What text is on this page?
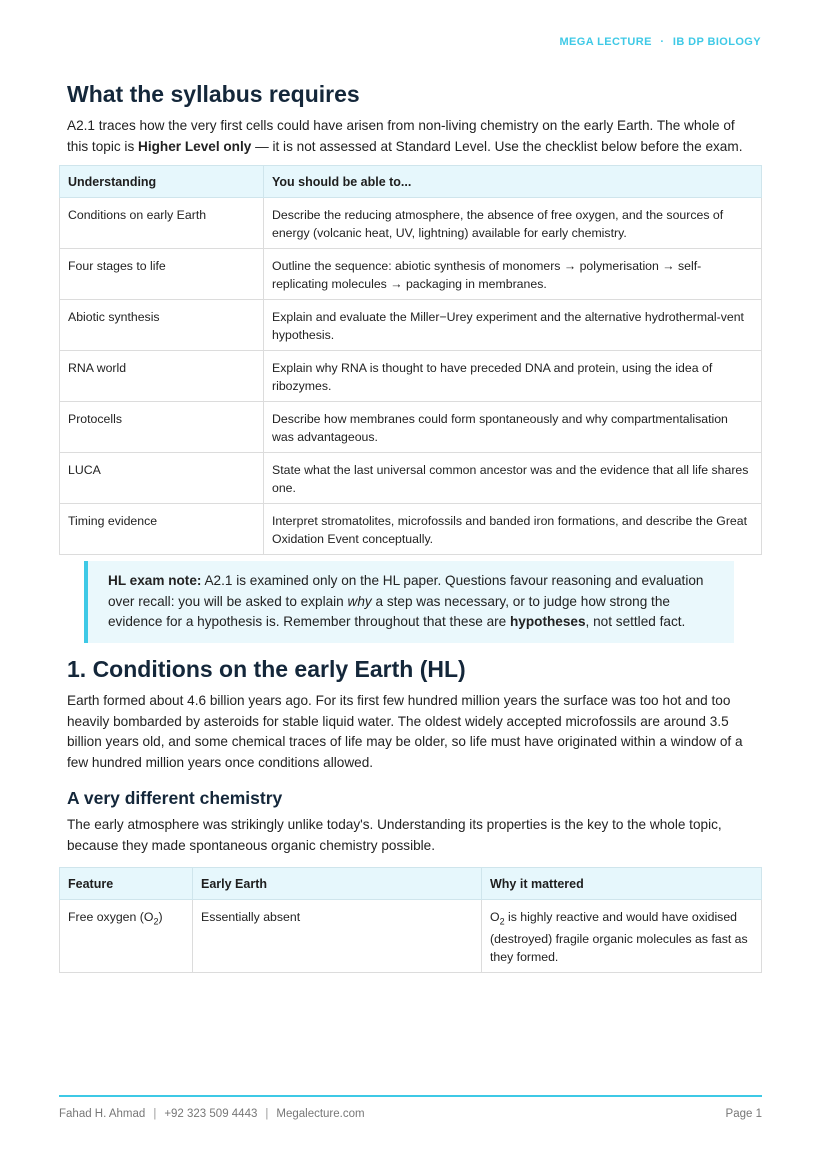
MEGA LECTURE · IB DP BIOLOGY
What the syllabus requires

A2.1 traces how the very first cells could have arisen from non-living chemistry on the early Earth. The whole of this topic is Higher Level only — it is not assessed at Standard Level. Use the checklist below before the exam.

Understanding	You should be able to...
Conditions on early Earth	Describe the reducing atmosphere, the absence of free oxygen, and the sources of energy (volcanic heat, UV, lightning) available for early chemistry.
Four stages to life	Outline the sequence: abiotic synthesis of monomers → polymerisation → self-replicating molecules → packaging in membranes.
Abiotic synthesis	Explain and evaluate the Miller−Urey experiment and the alternative hydrothermal-vent hypothesis.
RNA world	Explain why RNA is thought to have preceded DNA and protein, using the idea of ribozymes.
Protocells	Describe how membranes could form spontaneously and why compartmentalisation was advantageous.
LUCA	State what the last universal common ancestor was and the evidence that all life shares one.
Timing evidence	Interpret stromatolites, microfossils and banded iron formations, and describe the Great Oxidation Event conceptually.
HL exam note: A2.1 is examined only on the HL paper. Questions favour reasoning and evaluation over recall: you will be asked to explain why a step was necessary, or to judge how strong the evidence for a hypothesis is. Remember throughout that these are hypotheses, not settled fact.
1. Conditions on the early Earth (HL)

Earth formed about 4.6 billion years ago. For its first few hundred million years the surface was too hot and too heavily bombarded by asteroids for stable liquid water. The oldest widely accepted microfossils are around 3.5 billion years old, and some chemical traces of life may be older, so life must have originated within a window of a few hundred million years once conditions allowed.

A very different chemistry

The early atmosphere was strikingly unlike today's. Understanding its properties is the key to the whole topic, because they made spontaneous organic chemistry possible.

Feature	Early Earth	Why it mattered
Free oxygen $(O_2)$	Essentially absent	$O_2$ is highly reactive and would have oxidised (destroyed) fragile organic molecules as fast as they formed.
Fahad H. Ahmad | +92 323 509 4443 | Megalecture.com	Page 1
